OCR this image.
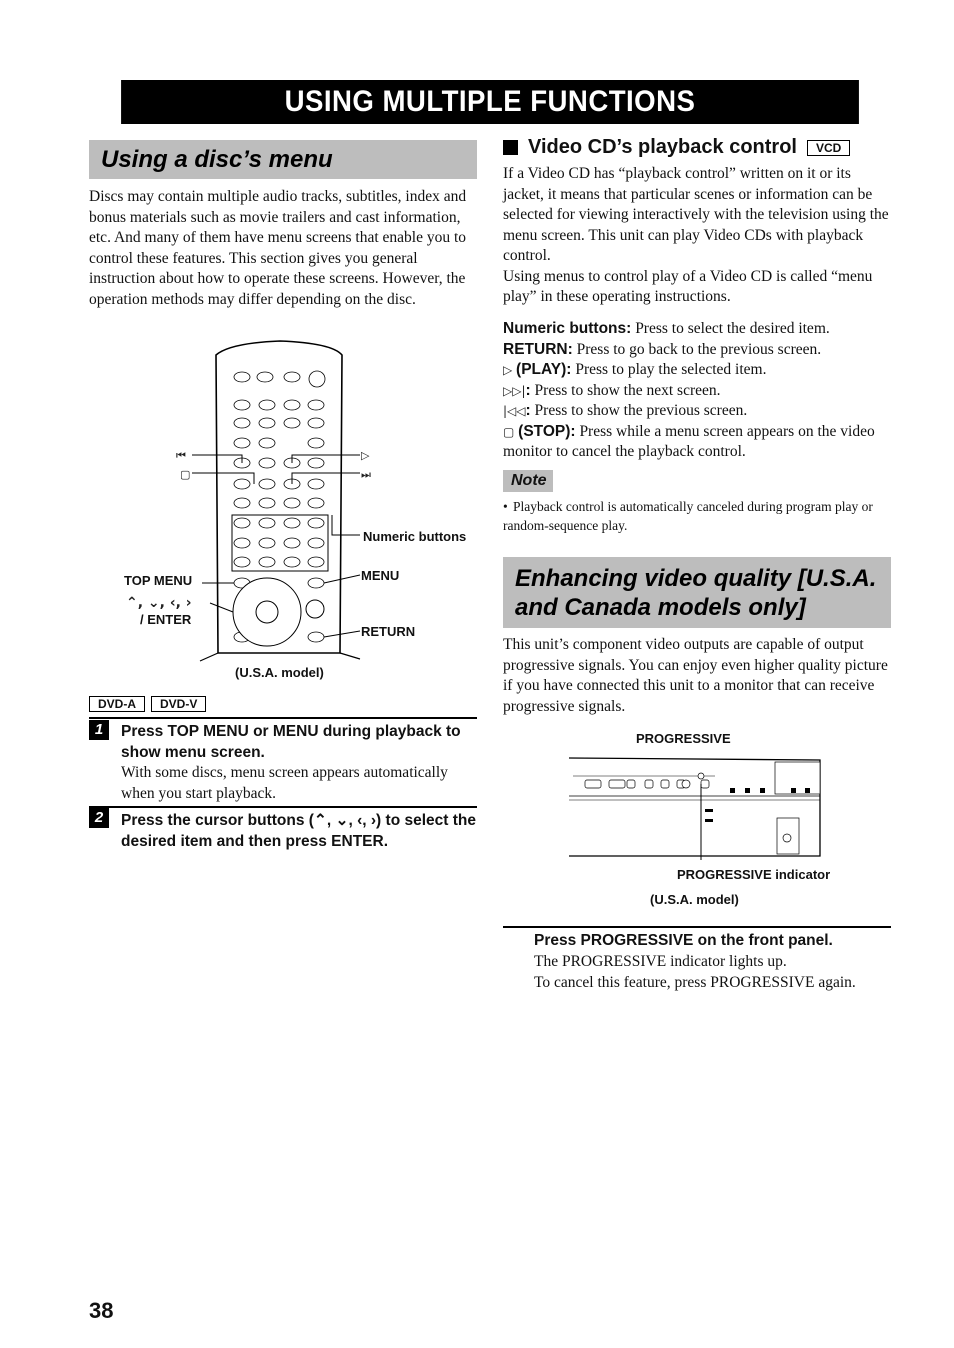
USING MULTIPLE FUNCTIONS
Using a disc’s menu
Discs may contain multiple audio tracks, subtitles, index and bonus materials such as movie trailers and cast information, etc. And many of them have menu screens that enable you to control these features. This section gives you general instruction about how to operate these screens. However, the operation methods may differ depending on the disc.
⏮
▢
▷
⏭
Numeric buttons
TOP MENU	MENU
⌃, ⌄, ‹, ›
/ ENTER
RETURN
(U.S.A. model)
DVD-A	DVD-V
1	Press TOP MENU or MENU during playback to show menu screen.
With some discs, menu screen appears automatically when you start playback.
2	Press the cursor buttons (⌃, ⌄, ‹, ›) to select the desired item and then press ENTER.
Video CD’s playback control	VCD
If a Video CD has “playback control” written on it or its jacket, it means that particular scenes or information can be selected for viewing interactively with the television using the menu screen. This unit can play Video CDs with playback control.
Using menus to control play of a Video CD is called “menu play” in these operating instructions.
Numeric buttons: Press to select the desired item.
RETURN: Press to go back to the previous screen.
▷ (PLAY): Press to play the selected item.
▷▷|: Press to show the next screen.
|◁◁: Press to show the previous screen.
▢ (STOP): Press while a menu screen appears on the video monitor to cancel the playback control.
Note
• Playback control is automatically canceled during program play or random-sequence play.
Enhancing video quality [U.S.A. and Canada models only]
This unit’s component video outputs are capable of output progressive signals. You can enjoy even higher quality picture if you have connected this unit to a monitor that can receive progressive signals.
PROGRESSIVE
PROGRESSIVE indicator
(U.S.A. model)
Press PROGRESSIVE on the front panel.
The PROGRESSIVE indicator lights up.
To cancel this feature, press PROGRESSIVE again.
38
